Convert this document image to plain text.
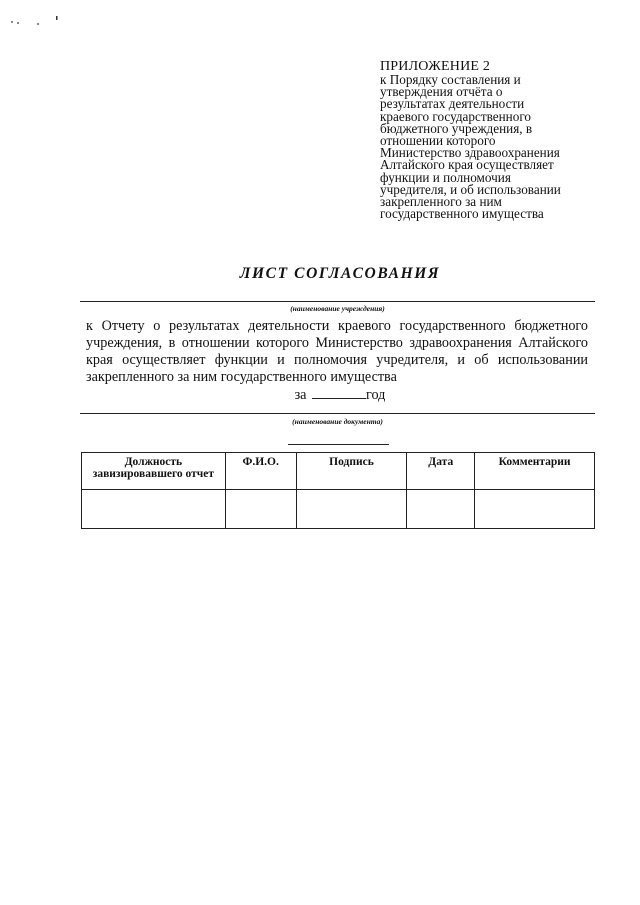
ПРИЛОЖЕНИЕ 2
к Порядку составления и
утверждения отчёта о
результатах деятельности
краевого государственного
бюджетного учреждения, в
отношении которого
Министерство здравоохранения
Алтайского края осуществляет
функции и полномочия
учредителя, и об использовании
закрепленного за ним
государственного имущества
ЛИСТ СОГЛАСОВАНИЯ
(наименование учреждения)
к Отчету о результатах деятельности краевого государственного бюджетного учреждения, в отношении которого Министерство здравоохранения Алтайского края осуществляет функции и полномочия учредителя, и об использовании закрепленного за ним государственного имущества
за	год
(наименование документа)
Должность завизировавшего отчет	Ф.И.О.	Подпись	Дата	Комментарии
